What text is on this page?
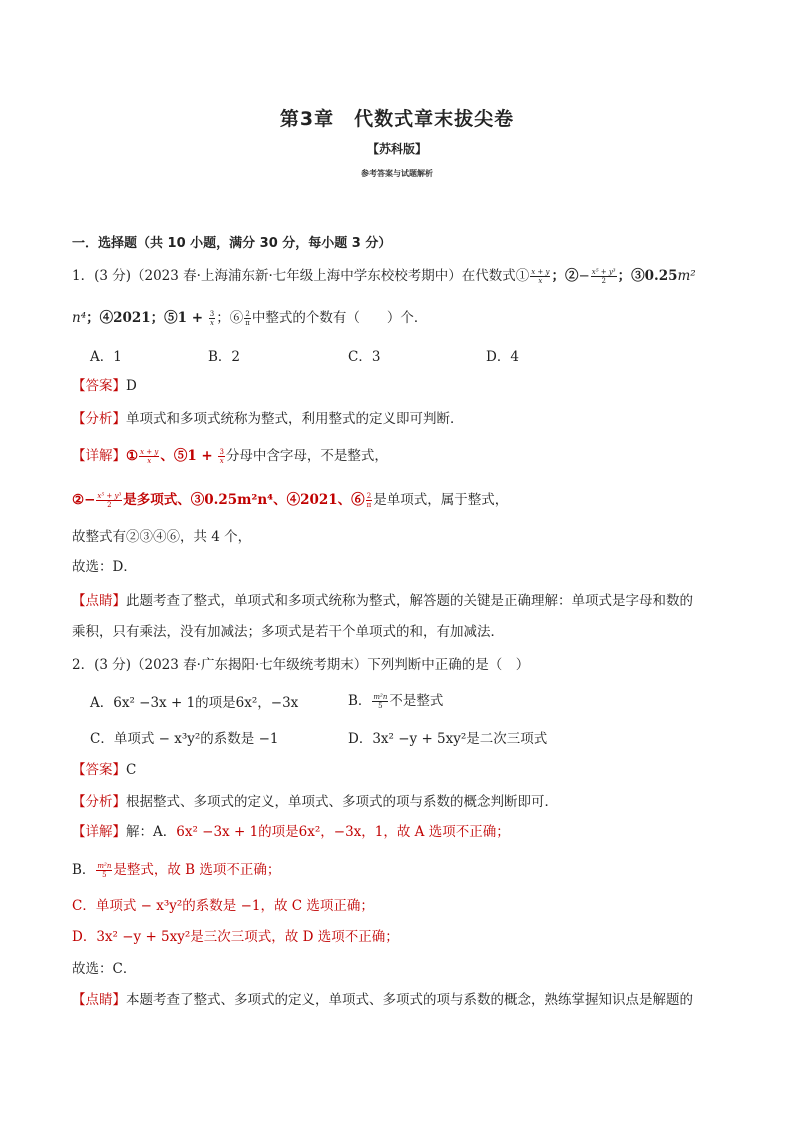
第3章　代数式章末拔尖卷
【苏科版】
参考答案与试题解析
一．选择题（共 10 小题，满分 30 分，每小题 3 分）
1．(3 分)（2023 春·上海浦东新·七年级上海中学东校校考期中）在代数式① $\frac{x + y}{x}$ ；②− $\frac{\text{x⁵ + y³}}{2}$ ；③0.25m²
n⁴；④2021；⑤1 + $\frac{3}{x}$ ；⑥ $\frac{2}{\pi}$ 中整式的个数有（　　）个．
A．1	B．2	C．3	D．4
【答案】D
【分析】单项式和多项式统称为整式，利用整式的定义即可判断．
【详解】① $\frac{x + y}{x}$ 、⑤1 + $\frac{3}{x}$ 分母中含字母，不是整式，
②− $\frac{\text{x⁵ + y³}}{2}$ 是多项式、③0.25m²n⁴、④2021、⑥ $\frac{2}{\pi}$ 是单项式，属于整式，
故整式有②③④⑥，共 4 个，
故选：D．
【点睛】此题考查了整式，单项式和多项式统称为整式，解答题的关键是正确理解：单项式是字母和数的
乘积，只有乘法，没有加减法；多项式是若干个单项式的和，有加减法．
2．(3 分)（2023 春·广东揭阳·七年级统考期末）下列判断中正确的是（　）
A．6x² −3x + 1的项是6x²，−3x	B． $\frac{\text{m²n}}{5}$ 不是整式
C．单项式 − x³y²的系数是 −1	D．3x² −y + 5xy²是二次三项式
【答案】C
【分析】根据整式、多项式的定义，单项式、多项式的项与系数的概念判断即可．
【详解】解：A．6x² −3x + 1的项是6x²，−3x，1，故 A 选项不正确；
B． $\frac{\text{m²n}}{5}$ 是整式，故 B 选项不正确；
C．单项式 − x³y²的系数是 −1，故 C 选项正确；
D．3x² −y + 5xy²是三次三项式，故 D 选项不正确；
故选：C．
【点睛】本题考查了整式、多项式的定义，单项式、多项式的项与系数的概念，熟练掌握知识点是解题的
